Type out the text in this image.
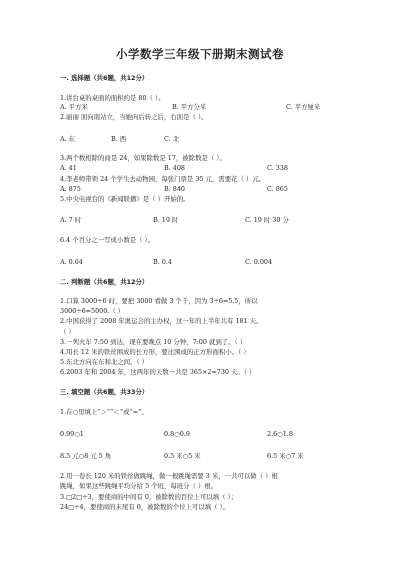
小学数学三年级下册期末测试卷
一. 选择题（共6题，共12分）
1.讲台桌的桌面的面积约是 80（ ）。
A. 平方米	B. 平方分米	C. 平方厘米
2.丽丽 面向南站立，当她向后转之后，右面是（ ）。
A. 东	B. 西	C. 北
3.两个数相除的商是 24，如果除数是 17，被除数是（ ）。
A. 41	B. 408	C. 338
4.李老师带领 24 个学生去动物园，每张门票是 35 元，需要花（ ）元。
A. 875	B. 840	C. 865
5.中央电视台的《新闻联播》是（ ）开始的。
A. 7 时	B. 19 时	C. 19 时 30 分
6.4 个百分之一写成小数是（ ）。
A. 0.04	B. 0.4	C. 0.004
二. 判断题（共6题，共12分）
1.口算 3000÷6 时，要把 3000 看做 3 个千，因为 3÷6=5.5，所以
3000÷6=5000.（ ）
2.中国获得了 2008 年奥运会的主办权，这一年的上半年共有 181 天。
（ ）
3.一列火车 7:50 到达，现在要晚点 10 分钟，7:00 就到了。（ ）
4.用长 12 米的铁丝围成的长方形，要比围成的正方形面积小。（ ）
5.东北方向在东和北之间。（ ）
6.2003 年和 2004 年，这两年的天数一共是 365×2=730 天。（ ）
三. 填空题（共6题，共33分）
1.在○里填上“＞”“＜”或“=”。
0.99○1	0.8○0.9	2.6○1.8
8.5 元○8 元 5 角	0.5 米○5 米	6.5 米○7 米
2.用一卷长 120 米的铁丝做跳绳，做一根跳绳需要 3 米，一共可以做（ ）根
跳绳，如果这些跳绳平均分给 5 个班，每班分（ ）根。
3.□2□÷3，要使商的中间有 0，被除数的百位上可以填（ ）；
24□÷4，要使商的末尾有 0，被除数的个位上可以填（ ）。
